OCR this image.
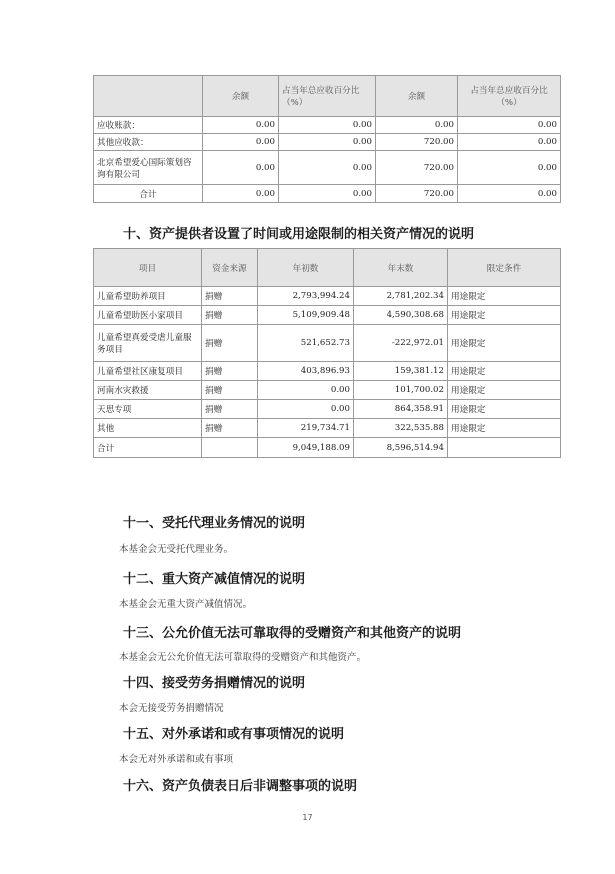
	余额	占当年总应收百分比（%）	余额	占当年总应收百分比（%）
应收账款：	0.00	0.00	0.00	0.00
其他应收款：	0.00	0.00	720.00	0.00
北京希望爱心国际策划咨询有限公司	0.00	0.00	720.00	0.00
合计	0.00	0.00	720.00	0.00
十、资产提供者设置了时间或用途限制的相关资产情况的说明
项目	资金来源	年初数	年末数	限定条件
儿童希望助养项目	捐赠	2,793,994.24	2,781,202.34	用途限定
儿童希望助医小家项目	捐赠	5,109,909.48	4,590,308.68	用途限定
儿童希望真爱受虐儿童服务项目	捐赠	521,652.73	-222,972.01	用途限定
儿童希望社区康复项目	捐赠	403,896.93	159,381.12	用途限定
河南水灾救援	捐赠	0.00	101,700.02	用途限定
天思专项	捐赠	0.00	864,358.91	用途限定
其他	捐赠	219,734.71	322,535.88	用途限定
合计		9,049,188.09	8,596,514.94	
十一、受托代理业务情况的说明
本基金会无受托代理业务。
十二、重大资产减值情况的说明
本基金会无重大资产减值情况。
十三、公允价值无法可靠取得的受赠资产和其他资产的说明
本基金会无公允价值无法可靠取得的受赠资产和其他资产。
十四、接受劳务捐赠情况的说明
本会无接受劳务捐赠情况
十五、对外承诺和或有事项情况的说明
本会无对外承诺和或有事项
十六、资产负债表日后非调整事项的说明
17
